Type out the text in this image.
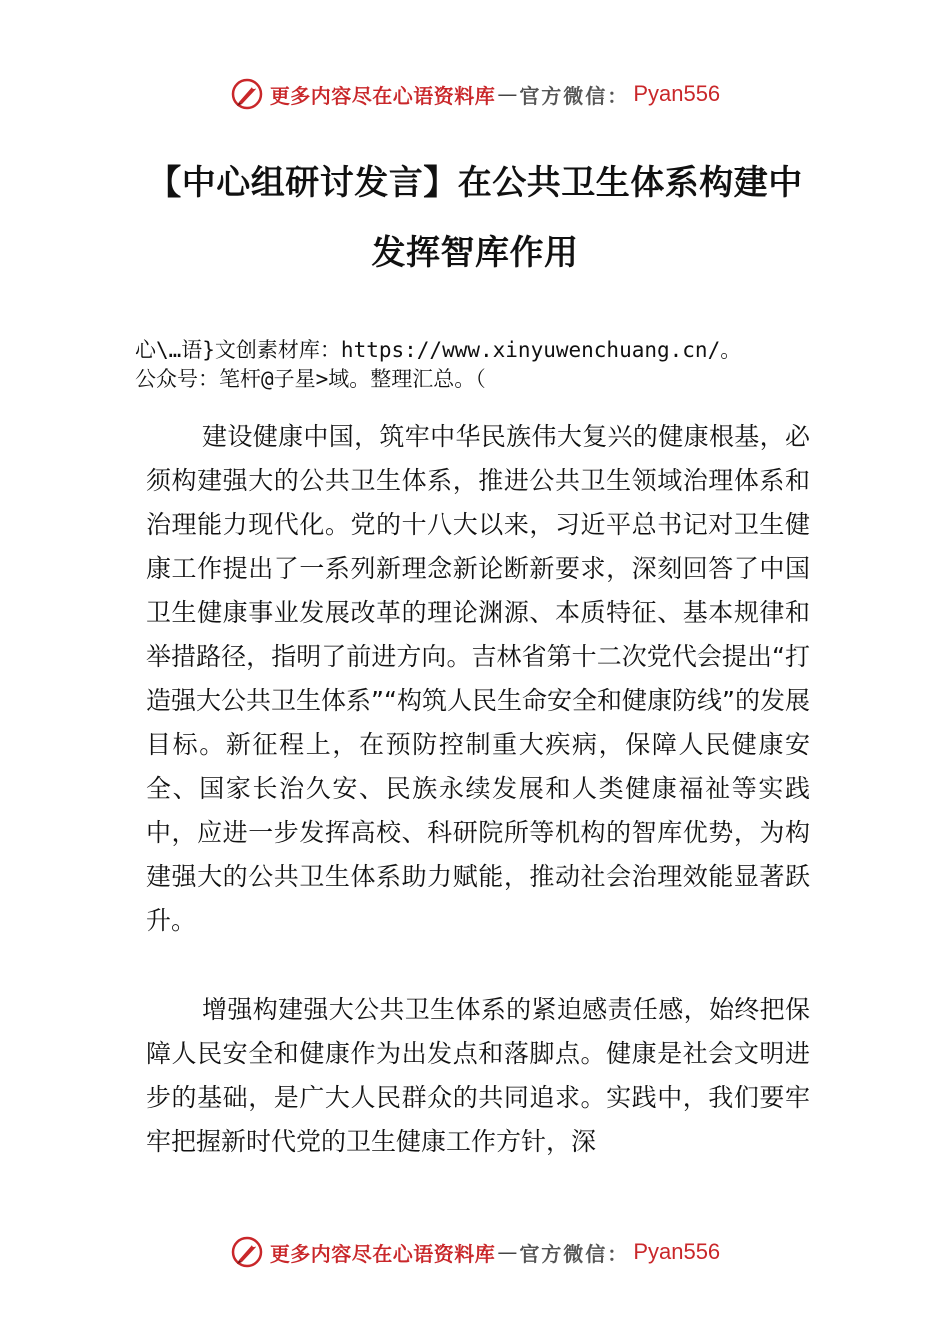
更多内容尽在心语资料库 — 官方微信： Pyan556
【中心组研讨发言】在公共卫生体系构建中
发挥智库作用
心\…语}文创素材库：https://www.xinyuwenchuang.cn/。
公众号：笔杆@子星>域。整理汇总。（

建设健康中国，筑牢中华民族伟大复兴的健康根基，必须构建强大的公共卫生体系，推进公共卫生领域治理体系和治理能力现代化。党的十八大以来，习近平总书记对卫生健康工作提出了一系列新理念新论断新要求，深刻回答了中国卫生健康事业发展改革的理论渊源、本质特征、基本规律和举措路径，指明了前进方向。吉林省第十二次党代会提出“打造强大公共卫生体系”“构筑人民生命安全和健康防线”的发展目标。新征程上，在预防控制重大疾病，保障人民健康安全、国家长治久安、民族永续发展和人类健康福祉等实践中，应进一步发挥高校、科研院所等机构的智库优势，为构建强大的公共卫生体系助力赋能，推动社会治理效能显著跃升。

增强构建强大公共卫生体系的紧迫感责任感，始终把保障人民安全和健康作为出发点和落脚点。健康是社会文明进步的基础，是广大人民群众的共同追求。实践中，我们要牢牢把握新时代党的卫生健康工作方针，深

更多内容尽在心语资料库 — 官方微信： Pyan556
